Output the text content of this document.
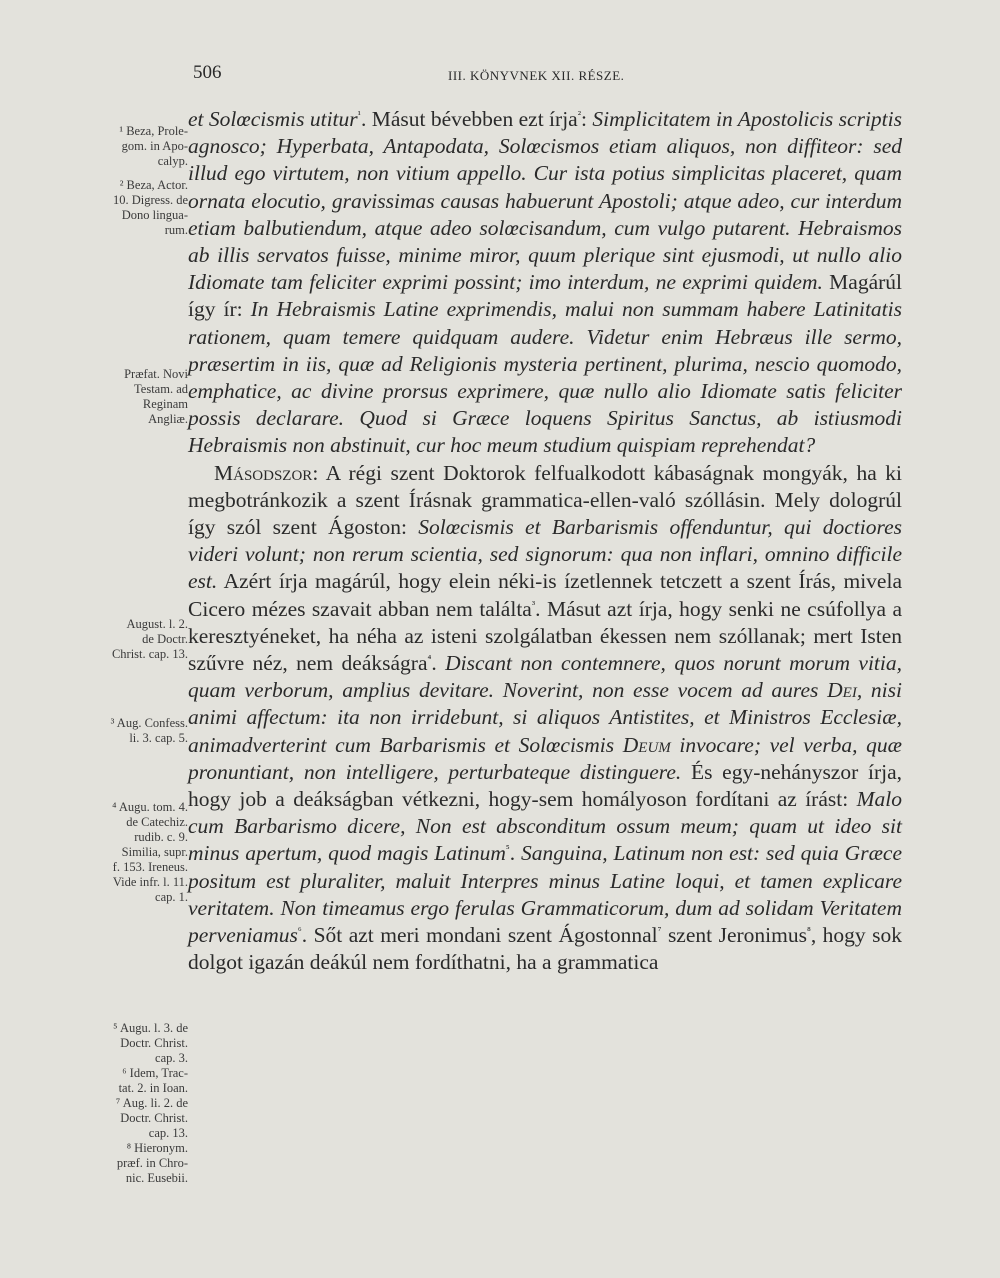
506	III. KÖNYVNEK XII. RÉSZE.
¹ Beza, Prole-
gom. in Apo-
calyp.
² Beza, Actor.
10. Digress. de
Dono lingua-
rum.
Præfat. Novi
Testam. ad
Reginam
Angliæ.
August. l. 2.
de Doctr.
Christ. cap. 13.
³ Aug. Confess.
li. 3. cap. 5.
⁴ Augu. tom. 4.
de Catechiz.
rudib. c. 9.
Similia, supr.
f. 153. Ireneus.
Vide infr. l. 11.
cap. 1.
⁵ Augu. l. 3. de
Doctr. Christ.
cap. 3.
⁶ Idem, Trac-
tat. 2. in Ioan.
⁷ Aug. li. 2. de
Doctr. Christ.
cap. 13.
⁸ Hieronym.
præf. in Chro-
nic. Eusebii.

et Solœcismis utitur$^{^1}$. Másut bévebben ezt írja$^{^2}$: Simplicitatem in Apostolicis scriptis agnosco; Hyperbata, Antapodata, Solœcismos etiam aliquos, non diffiteor: sed illud ego virtutem, non vitium appello. Cur ista potius simplicitas placeret, quam ornata elocutio, gravissimas causas habuerunt Apostoli; atque adeo, cur interdum etiam balbutiendum, atque adeo solœcisandum, cum vulgo putarent. Hebraismos ab illis servatos fuisse, minime miror, quum plerique sint ejusmodi, ut nullo alio Idiomate tam feliciter exprimi possint; imo interdum, ne exprimi quidem. Magárúl így ír: In Hebraismis Latine exprimendis, malui non summam habere Latinitatis rationem, quam temere quidquam audere. Videtur enim Hebræus ille sermo, præsertim in iis, quæ ad Religionis mysteria pertinent, plurima, nescio quomodo, emphatice, ac divine prorsus exprimere, quæ nullo alio Idiomate satis feliciter possis declarare. Quod si Græce loquens Spiritus Sanctus, ab istiusmodi Hebraismis non abstinuit, cur hoc meum studium quispiam reprehendat?

Másodszor: A régi szent Doktorok felfualkodott kábaságnak mongyák, ha ki megbotránkozik a szent Írásnak grammatica-ellen-való szóllásin. Mely dologrúl így szól szent Ágoston: Solœcismis et Barbarismis offenduntur, qui doctiores videri volunt; non rerum scientia, sed signorum: qua non inflari, omnino difficile est. Azért írja magárúl, hogy elein néki-is ízetlennek tetczett a szent Írás, mivela Cicero mézes szavait abban nem találta$^{^3}$. Másut azt írja, hogy senki ne csúfollya a keresztyéneket, ha néha az isteni szolgálatban ékessen nem szóllanak; mert Isten szűvre néz, nem deákságra$^{^4}$. Discant non contemnere, quos norunt morum vitia, quam verborum, amplius devitare. Noverint, non esse vocem ad aures Dei, nisi animi affectum: ita non irridebunt, si aliquos Antistites, et Ministros Ecclesiæ, animadverterint cum Barbarismis et Solœcismis Deum invocare; vel verba, quæ pronuntiant, non intelligere, perturbateque distinguere. És egy-nehányszor írja, hogy job a deákságban vétkezni, hogy-sem homályoson fordítani az írást: Malo cum Barbarismo dicere, Non est absconditum ossum meum; quam ut ideo sit minus apertum, quod magis Latinum$^{^5}$. Sanguina, Latinum non est: sed quia Græce positum est pluraliter, maluit Interpres minus Latine loqui, et tamen explicare veritatem. Non timeamus ergo ferulas Grammaticorum, dum ad solidam Veritatem perveniamus$^{^6}$. Sőt azt meri mondani szent Ágostonnal$^{^7}$ szent Jeronimus$^{^8}$, hogy sok dolgot igazán deákúl nem fordíthatni, ha a grammatica
